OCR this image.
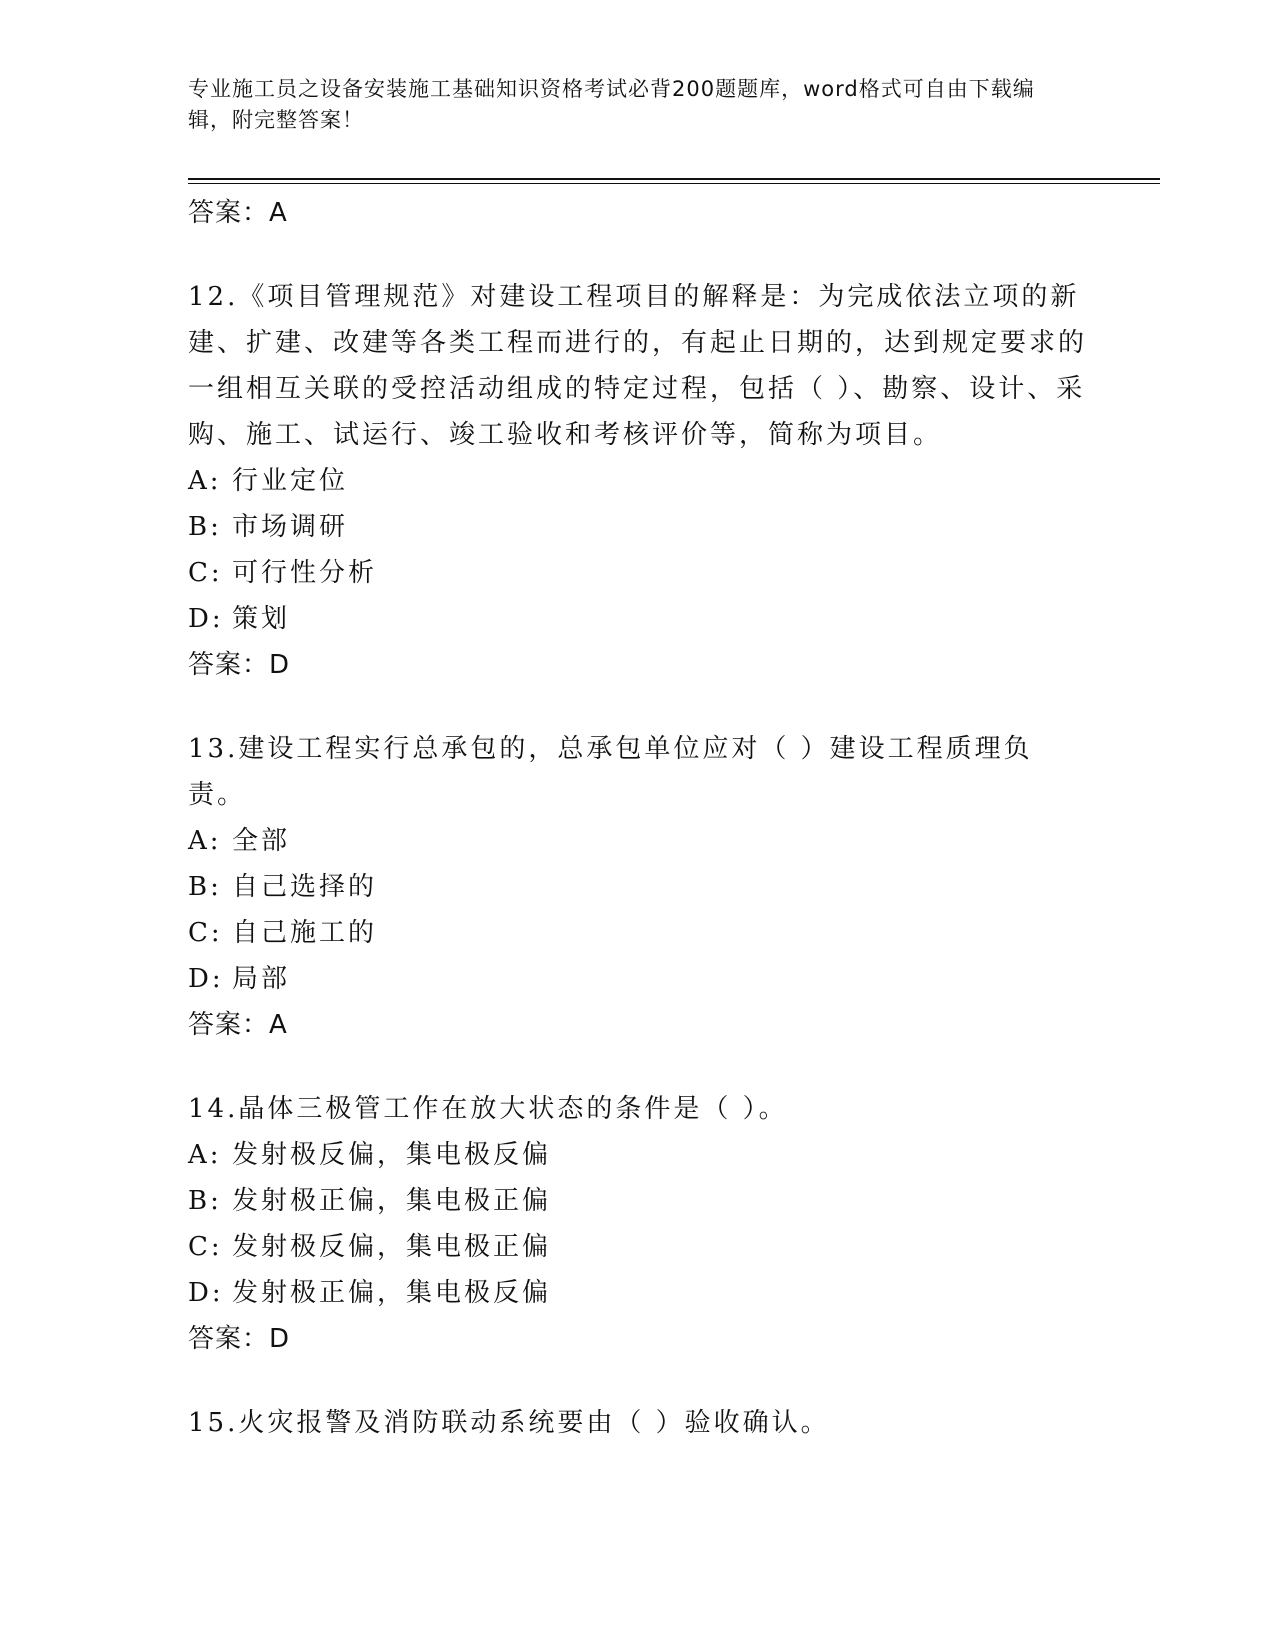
专业施工员之设备安装施工基础知识资格考试必背200题题库，word格式可自由下载编辑，附完整答案！
答案：A
12.《项目管理规范》对建设工程项目的解释是：为完成依法立项的新建、扩建、改建等各类工程而进行的，有起止日期的，达到规定要求的一组相互关联的受控活动组成的特定过程，包括（ ）、勘察、设计、采购、施工、试运行、竣工验收和考核评价等，简称为项目。
A: 行业定位
B: 市场调研
C: 可行性分析
D: 策划
答案：D
13.建设工程实行总承包的，总承包单位应对（ ）建设工程质理负责。
A: 全部
B: 自己选择的
C: 自己施工的
D: 局部
答案：A
14.晶体三极管工作在放大状态的条件是（ ）。
A: 发射极反偏，集电极反偏
B: 发射极正偏，集电极正偏
C: 发射极反偏，集电极正偏
D: 发射极正偏，集电极反偏
答案：D
15.火灾报警及消防联动系统要由（ ）验收确认。
